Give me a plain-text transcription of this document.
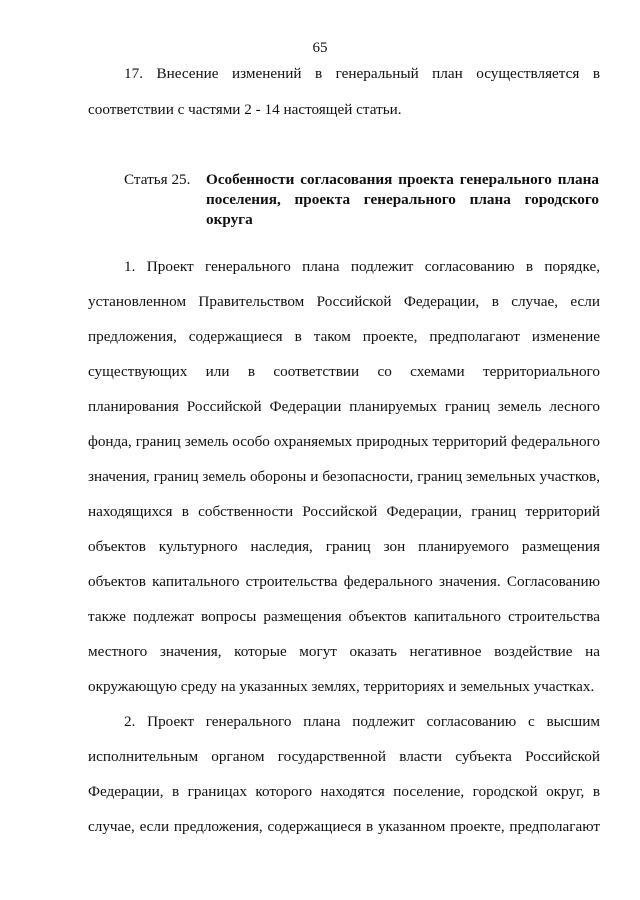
65
17. Внесение изменений в генеральный план осуществляется в
соответствии с частями 2 - 14 настоящей статьи.
Статья 25. Особенности согласования проекта генерального плана
поселения, проекта генерального плана городского
округа
1. Проект генерального плана подлежит согласованию в порядке,
установленном Правительством Российской Федерации, в случае, если
предложения, содержащиеся в таком проекте, предполагают изменение
существующих или в соответствии со схемами территориального
планирования Российской Федерации планируемых границ земель лесного
фонда, границ земель особо охраняемых природных территорий федерального
значения, границ земель обороны и безопасности, границ земельных участков,
находящихся в собственности Российской Федерации, границ территорий
объектов культурного наследия, границ зон планируемого размещения
объектов капитального строительства федерального значения. Согласованию
также подлежат вопросы размещения объектов капитального строительства
местного значения, которые могут оказать негативное воздействие на
окружающую среду на указанных землях, территориях и земельных участках.
2. Проект генерального плана подлежит согласованию с высшим
исполнительным органом государственной власти субъекта Российской
Федерации, в границах которого находятся поселение, городской округ, в
случае, если предложения, содержащиеся в указанном проекте, предполагают
